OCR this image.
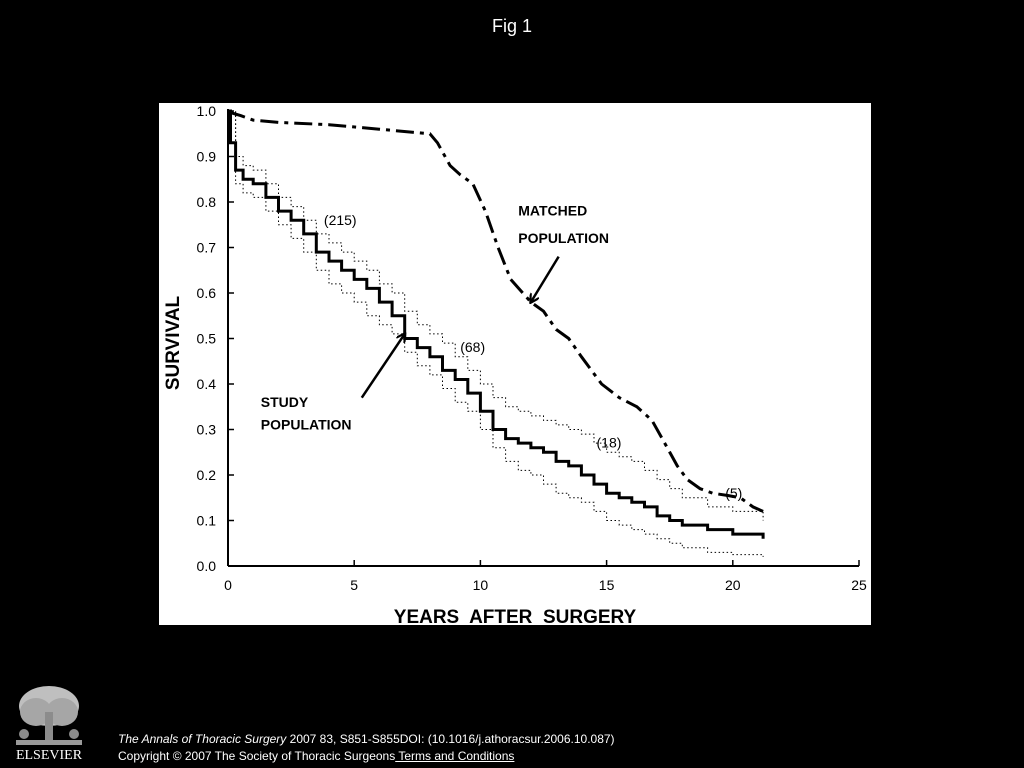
Fig 1
0.0
0.1
0.2
0.3
0.4
0.5
0.6
0.7
0.8
0.9
1.0
0	5	10	15	20	25
MATCHED
POPULATION
STUDY
POPULATION
(215)
(68)
(18)
(5)
SURVIVAL
YEARS  AFTER  SURGERY
ELSEVIER
The Annals of Thoracic Surgery 2007 83, S851-S855DOI: (10.1016/j.athoracsur.2006.10.087)
Copyright © 2007 The Society of Thoracic Surgeons Terms and Conditions
